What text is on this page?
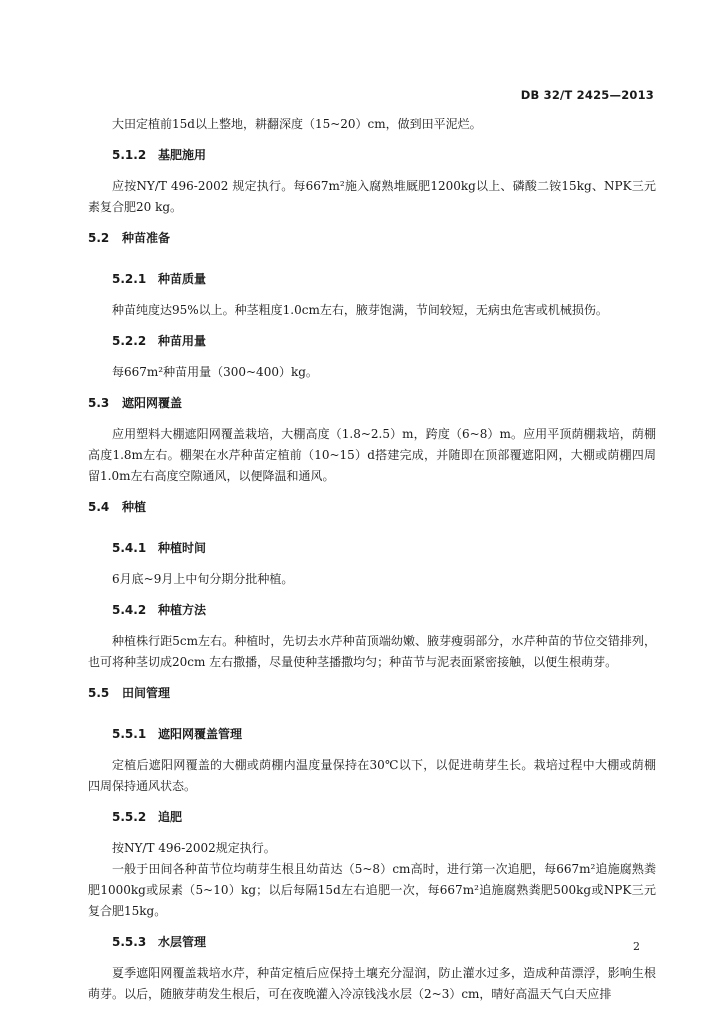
DB 32/T 2425—2013

大田定植前15d以上整地，耕翻深度（15~20）cm，做到田平泥烂。

5.1.2 基肥施用

应按NY/T 496-2002 规定执行。每667m²施入腐熟堆厩肥1200kg以上、磷酸二铵15kg、NPK三元素复合肥20 kg。

5.2 种苗准备
5.2.1 种苗质量

种苗纯度达95%以上。种茎粗度1.0cm左右，腋芽饱满，节间较短，无病虫危害或机械损伤。

5.2.2 种苗用量

每667m²种苗用量（300~400）kg。

5.3 遮阳网覆盖

应用塑料大棚遮阳网覆盖栽培，大棚高度（1.8~2.5）m，跨度（6~8）m。应用平顶荫棚栽培，荫棚高度1.8m左右。棚架在水芹种苗定植前（10~15）d搭建完成，并随即在顶部覆遮阳网，大棚或荫棚四周留1.0m左右高度空隙通风，以便降温和通风。

5.4 种植
5.4.1 种植时间

6月底~9月上中旬分期分批种植。

5.4.2 种植方法

种植株行距5cm左右。种植时，先切去水芹种苗顶端幼嫩、腋芽瘦弱部分，水芹种苗的节位交错排列，也可将种茎切成20cm 左右撒播，尽量使种茎播撒均匀；种苗节与泥表面紧密接触，以便生根萌芽。

5.5 田间管理
5.5.1 遮阳网覆盖管理

定植后遮阳网覆盖的大棚或荫棚内温度量保持在30℃以下，以促进萌芽生长。栽培过程中大棚或荫棚四周保持通风状态。

5.5.2 追肥

按NY/T 496-2002规定执行。

一般于田间各种苗节位均萌芽生根且幼苗达（5~8）cm高时，进行第一次追肥，每667m²追施腐熟粪肥1000kg或尿素（5~10）kg；以后每隔15d左右追肥一次，每667m²追施腐熟粪肥500kg或NPK三元复合肥15kg。

5.5.3 水层管理

夏季遮阳网覆盖栽培水芹，种苗定植后应保持土壤充分湿润，防止灌水过多，造成种苗漂浮，影响生根萌芽。以后，随腋芽萌发生根后，可在夜晚灌入冷凉钱浅水层（2~3）cm，晴好高温天气白天应排

2
